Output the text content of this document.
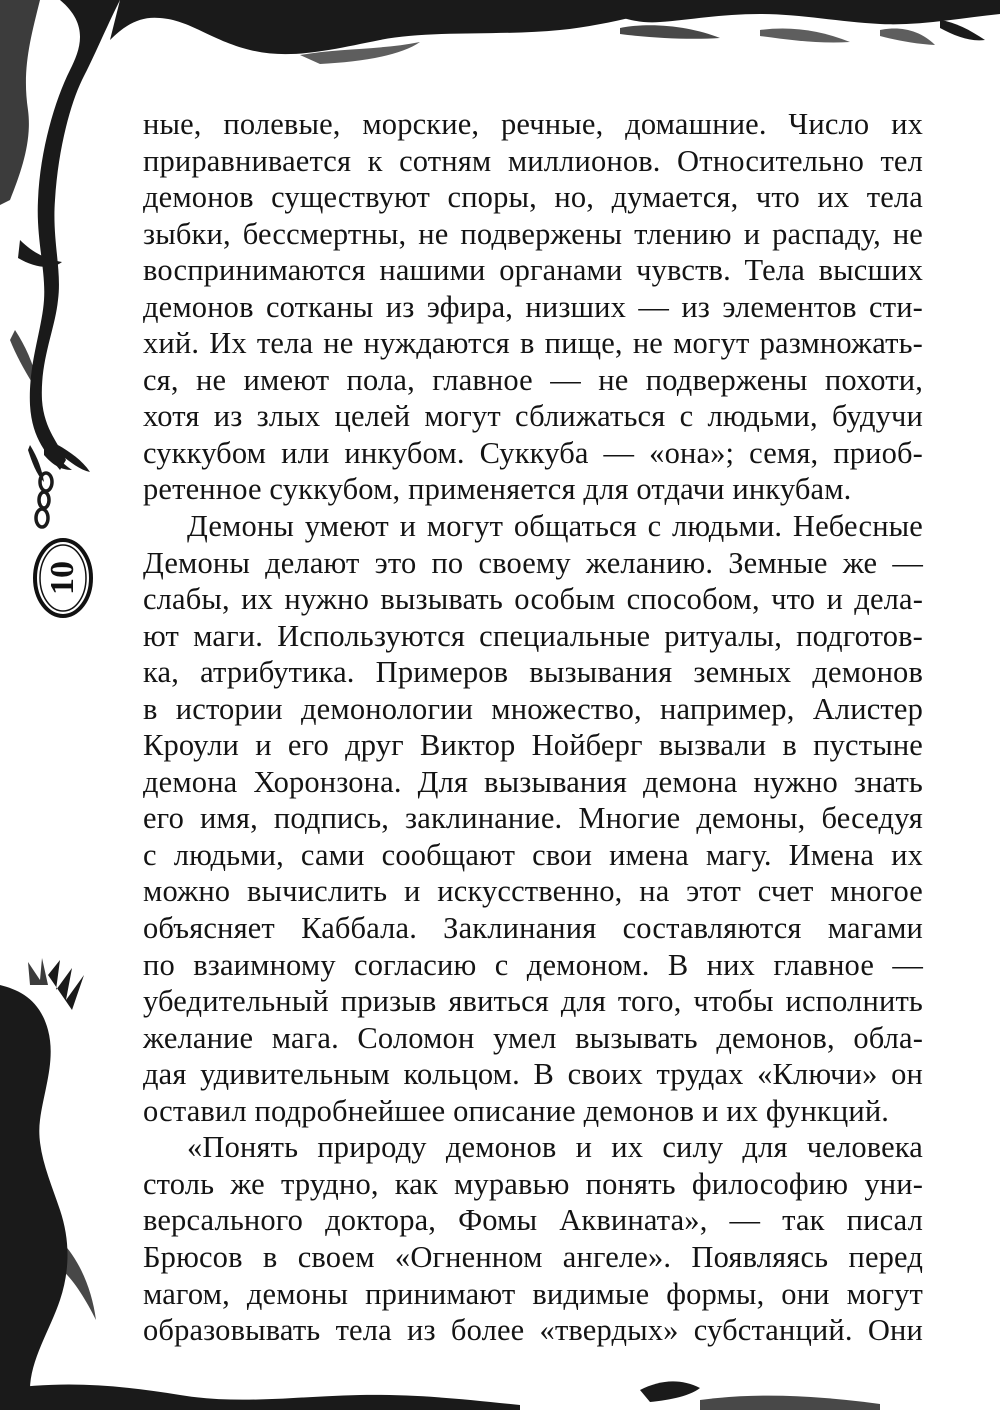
10
ные, полевые, морские, речные, домашние. Число их
приравнивается к сотням миллионов. Относительно тел
демонов существуют споры, но, думается, что их тела
зыбки, бессмертны, не подвержены тлению и распаду, не
воспринимаются нашими органами чувств. Тела высших
демонов сотканы из эфира, низших — из элементов сти-
хий. Их тела не нуждаются в пище, не могут размножать-
ся, не имеют пола, главное — не подвержены похоти,
хотя из злых целей могут сближаться с людьми, будучи
суккубом или инкубом. Суккуба — «она»; семя, приоб-
ретенное суккубом, применяется для отдачи инкубам.
Демоны умеют и могут общаться с людьми. Небесные
Демоны делают это по своему желанию. Земные же —
слабы, их нужно вызывать особым способом, что и дела-
ют маги. Используются специальные ритуалы, подготов-
ка, атрибутика. Примеров вызывания земных демонов
в истории демонологии множество, например, Алистер
Кроули и его друг Виктор Нойберг вызвали в пустыне
демона Хоронзона. Для вызывания демона нужно знать
его имя, подпись, заклинание. Многие демоны, беседуя
с людьми, сами сообщают свои имена магу. Имена их
можно вычислить и искусственно, на этот счет многое
объясняет Каббала. Заклинания составляются магами
по взаимному согласию с демоном. В них главное —
убедительный призыв явиться для того, чтобы исполнить
желание мага. Соломон умел вызывать демонов, обла-
дая удивительным кольцом. В своих трудах «Ключи» он
оставил подробнейшее описание демонов и их функций.
«Понять природу демонов и их силу для человека
столь же трудно, как муравью понять философию уни-
версального доктора, Фомы Аквината», — так писал
Брюсов в своем «Огненном ангеле». Появляясь перед
магом, демоны принимают видимые формы, они могут
образовывать тела из более «твердых» субстанций. Они
